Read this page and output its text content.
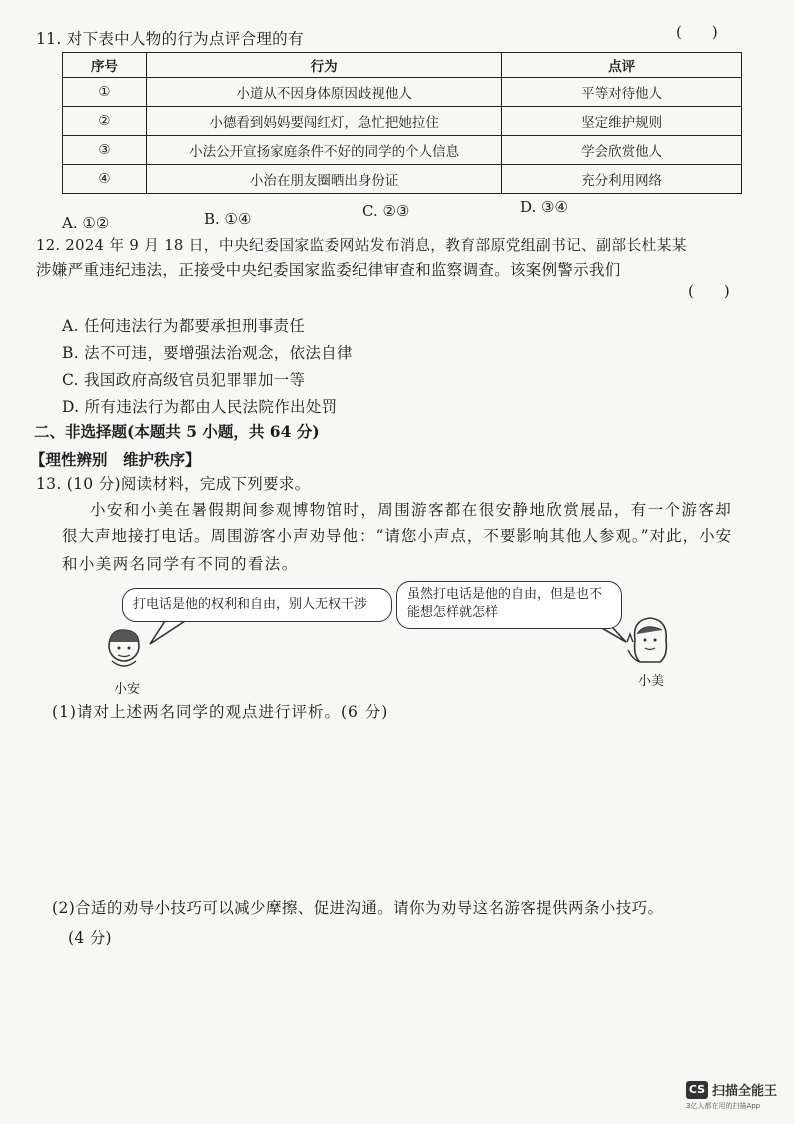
11. 对下表中人物的行为点评合理的有	(　　)
序号	行为	点评
①	小道从不因身体原因歧视他人	平等对待他人
②	小德看到妈妈要闯红灯，急忙把她拉住	坚定维护规则
③	小法公开宣扬家庭条件不好的同学的个人信息	学会欣赏他人
④	小治在朋友圈晒出身份证	充分利用网络
A. ①②	B. ①④	C. ②③	D. ③④
12. 2024 年 9 月 18 日，中央纪委国家监委网站发布消息，教育部原党组副书记、副部长杜某某
涉嫌严重违纪违法，正接受中央纪委国家监委纪律审查和监察调查。该案例警示我们
(　　)
A. 任何违法行为都要承担刑事责任
B. 法不可违，要增强法治观念，依法自律
C. 我国政府高级官员犯罪罪加一等
D. 所有违法行为都由人民法院作出处罚
二、非选择题(本题共 5 小题，共 64 分)
【理性辨别　维护秩序】
13. (10 分)阅读材料，完成下列要求。
小安和小美在暑假期间参观博物馆时，周围游客都在很安静地欣赏展品，有一个游客却
很大声地接打电话。周围游客小声劝导他：“请您小声点，不要影响其他人参观。”对此，小安
和小美两名同学有不同的看法。
打电话是他的权利和自由，别人无权干涉
虽然打电话是他的自由，但是也不
能想怎样就怎样
小安
小美
(1)请对上述两名同学的观点进行评析。(6 分)
(2)合适的劝导小技巧可以减少摩擦、促进沟通。请你为劝导这名游客提供两条小技巧。
(4 分)
CS 扫描全能王
3亿人都在用的扫描App
